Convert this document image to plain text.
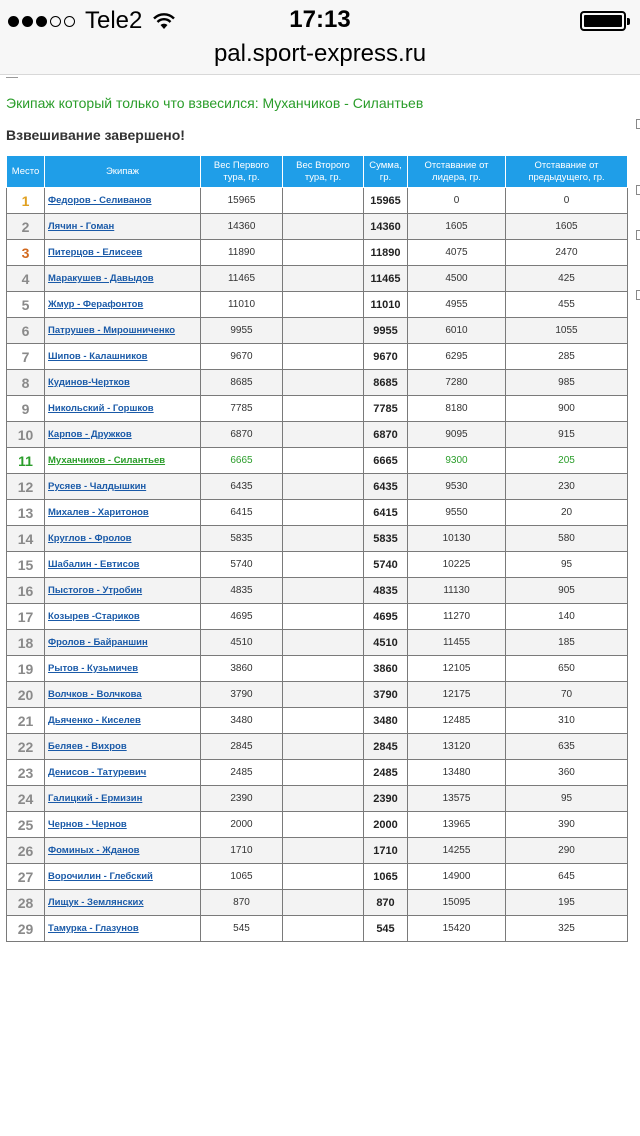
Tele2	17:13
pal.sport-express.ru
Экипаж который только что взвесился: Муханчиков - Силантьев
Взвешивание завершено!
Место	Экипаж	Вес Первого тура, гр.	Вес Второго тура, гр.	Сумма, гр.	Отставание от лидера, гр.	Отставание от предыдущего, гр.
1	Федоров - Селиванов	15965		15965	0	0
2	Лячин - Гоман	14360		14360	1605	1605
3	Питерцов - Елисеев	11890		11890	4075	2470
4	Маракушев - Давыдов	11465		11465	4500	425
5	Жмур - Ферафонтов	11010		11010	4955	455
6	Патрушев - Мирошниченко	9955		9955	6010	1055
7	Шипов - Калашников	9670		9670	6295	285
8	Кудинов-Чертков	8685		8685	7280	985
9	Никольский - Горшков	7785		7785	8180	900
10	Карпов - Дружков	6870		6870	9095	915
11	Муханчиков - Силантьев	6665		6665	9300	205
12	Русяев - Чалдышкин	6435		6435	9530	230
13	Михалев - Харитонов	6415		6415	9550	20
14	Круглов - Фролов	5835		5835	10130	580
15	Шабалин - Евтисов	5740		5740	10225	95
16	Пыстогов - Утробин	4835		4835	11130	905
17	Козырев -Стариков	4695		4695	11270	140
18	Фролов - Байраншин	4510		4510	11455	185
19	Рытов - Кузьмичев	3860		3860	12105	650
20	Волчков - Волчкова	3790		3790	12175	70
21	Дьяченко - Киселев	3480		3480	12485	310
22	Беляев - Вихров	2845		2845	13120	635
23	Денисов - Татуревич	2485		2485	13480	360
24	Галицкий - Ермизин	2390		2390	13575	95
25	Чернов - Чернов	2000		2000	13965	390
26	Фоминых - Жданов	1710		1710	14255	290
27	Ворочилин - Глебский	1065		1065	14900	645
28	Лищук - Землянских	870		870	15095	195
29	Тамурка - Глазунов	545		545	15420	325
